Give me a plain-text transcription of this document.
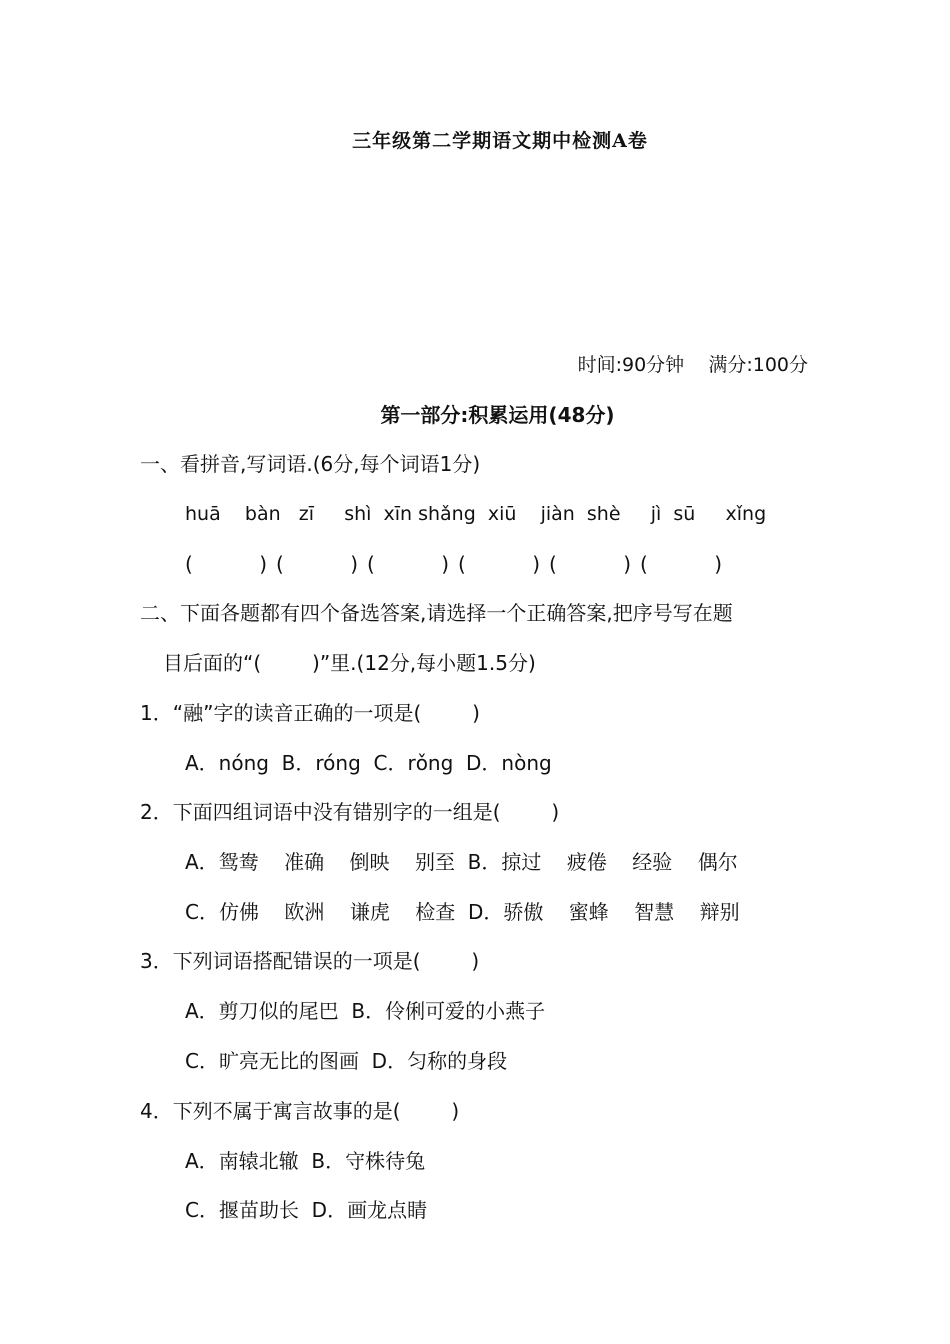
三年级第二学期语文期中检测A卷
时间:90分钟    满分:100分
第一部分:积累运用(48分)
一、看拼音,写词语.(6分,每个词语1分)
huā    bàn   zī     shì  xīn shǎng  xiū    jiàn  shè     jì  sū     xǐng
(	) (	) (	) (	) (	) (	)
二、下面各题都有四个备选答案,请选择一个正确答案,把序号写在题
目后面的“(        )”里.(12分,每小题1.5分)
1．“融”字的读音正确的一项是(        )
A．nóng  B．róng  C．rǒng  D．nòng
2．下面四组词语中没有错别字的一组是(        )
A．鸳鸯    准确    倒映    别至  B．掠过    疲倦    经验    偶尔
C．仿佛    欧洲    谦虎    检查  D．骄傲    蜜蜂    智慧    辩别
3．下列词语搭配错误的一项是(        )
A．剪刀似的尾巴  B．伶俐可爱的小燕子
C．旷亮无比的图画  D．匀称的身段
4．下列不属于寓言故事的是(        )
A．南辕北辙  B．守株待兔
C．揠苗助长  D．画龙点睛
